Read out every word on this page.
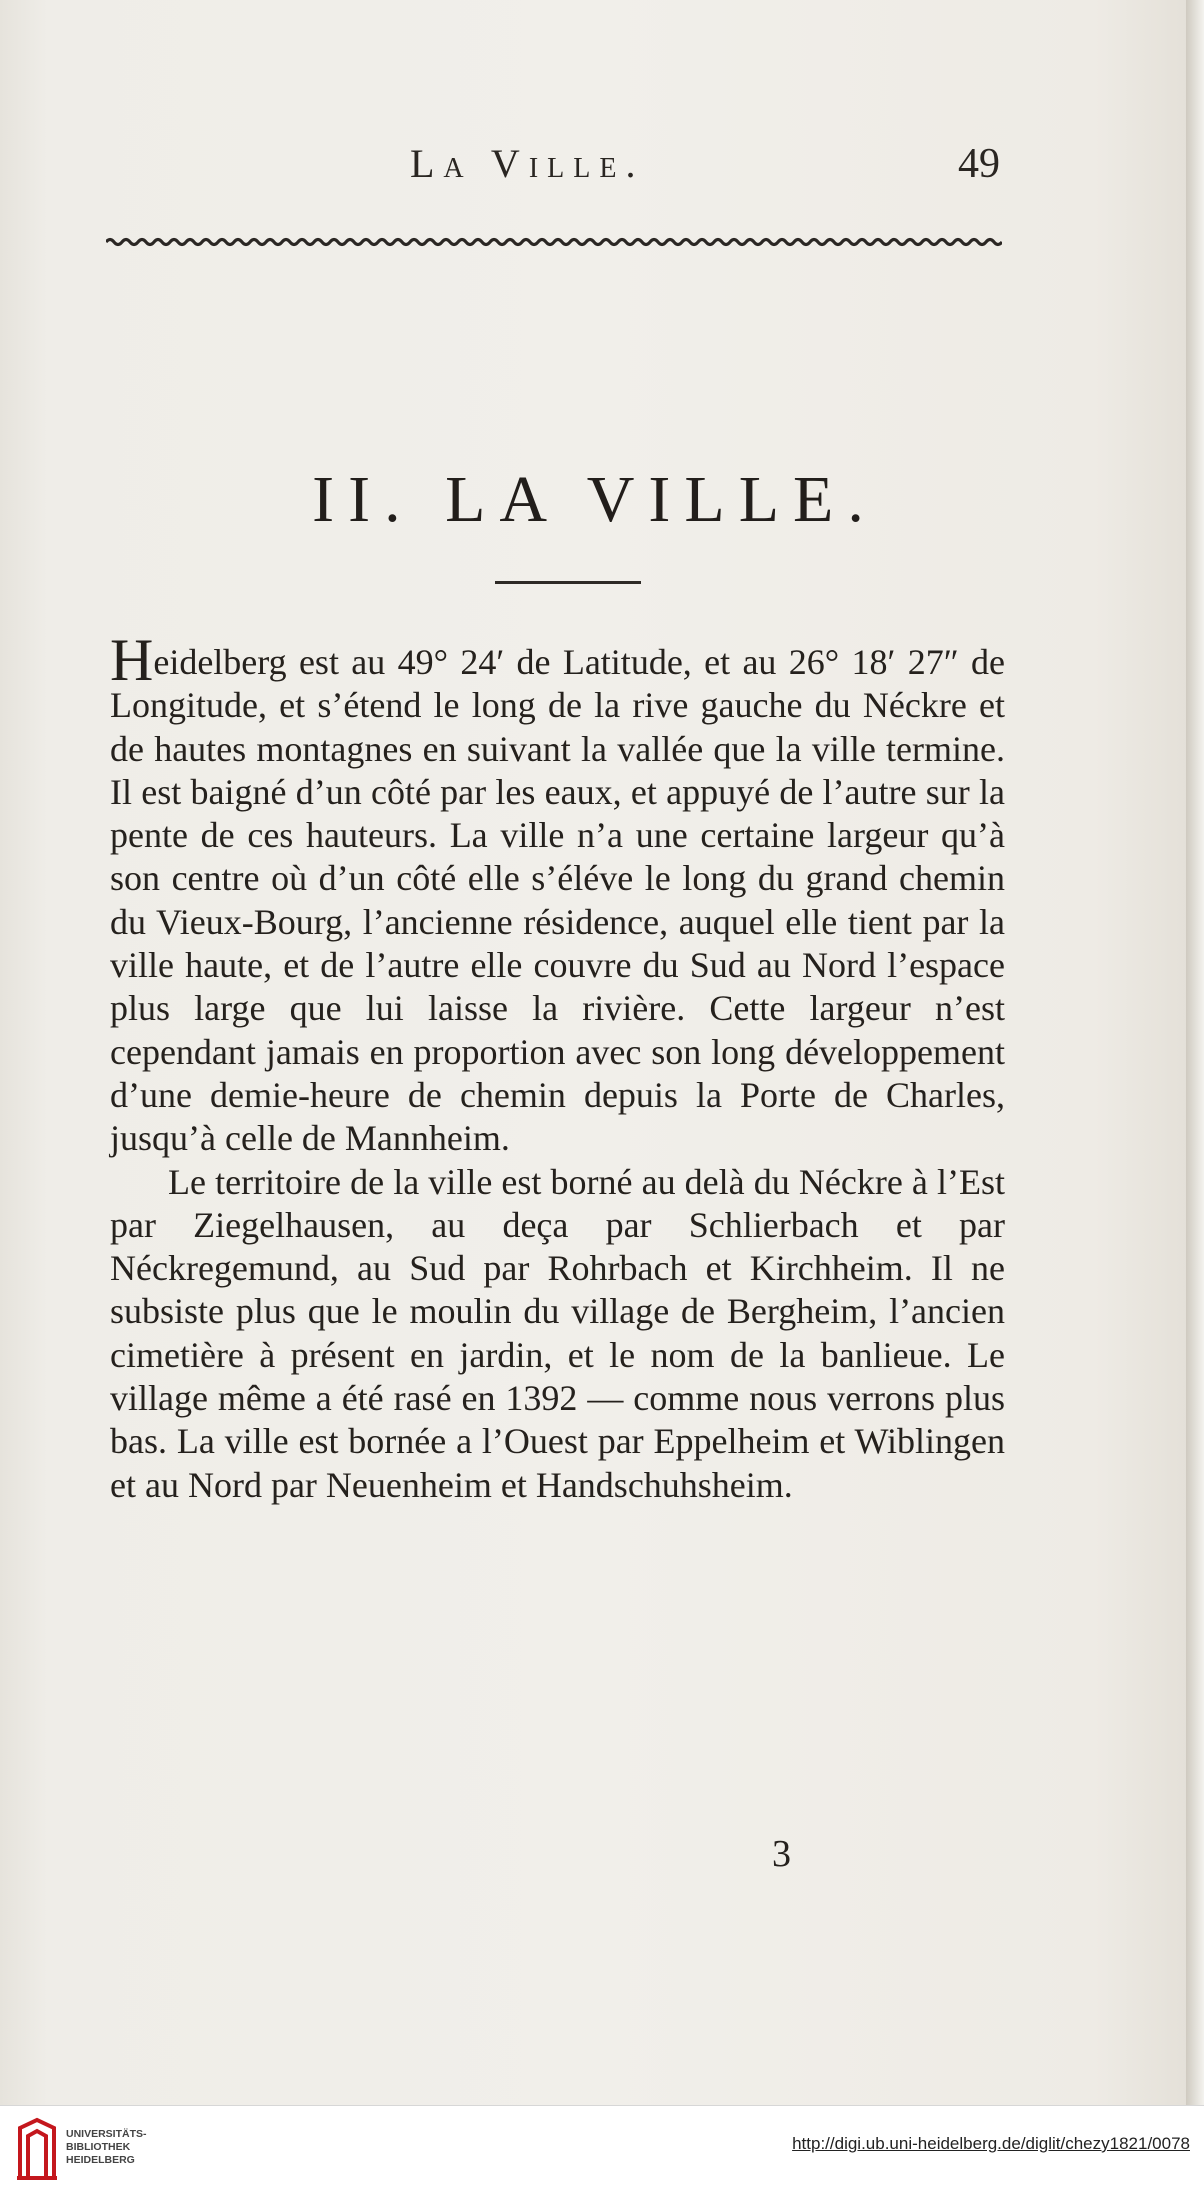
La Ville.	49
II. LA VILLE.

Heidelberg est au 49° 24′ de Latitude, et au 26° 18′ 27″ de Longitude, et s’étend le long de la rive gauche du Néckre et de hautes montagnes en suivant la vallée que la ville termine. Il est baigné d’un côté par les eaux, et appuyé de l’autre sur la pente de ces hauteurs. La ville n’a une certaine largeur qu’à son centre où d’un côté elle s’éléve le long du grand chemin du Vieux-Bourg, l’ancienne résidence, auquel elle tient par la ville haute, et de l’autre elle couvre du Sud au Nord l’espace plus large que lui laisse la rivière. Cette largeur n’est cependant jamais en proportion avec son long développement d’une demie-heure de chemin depuis la Porte de Charles, jusqu’à celle de Mannheim.

Le territoire de la ville est borné au delà du Néckre à l’Est par Ziegelhausen, au deça par Schlierbach et par Néckregemund, au Sud par Rohrbach et Kirchheim. Il ne subsiste plus que le moulin du village de Bergheim, l’ancien cimetière à présent en jardin, et le nom de la banlieue. Le village même a été rasé en 1392 — comme nous verrons plus bas. La ville est bornée a l’Ouest par Eppelheim et Wiblingen et au Nord par Neuenheim et Handschuhsheim.

3
UNIVERSITÄTS-
BIBLIOTHEK
HEIDELBERG
http://digi.ub.uni-heidelberg.de/diglit/chezy1821/0078
